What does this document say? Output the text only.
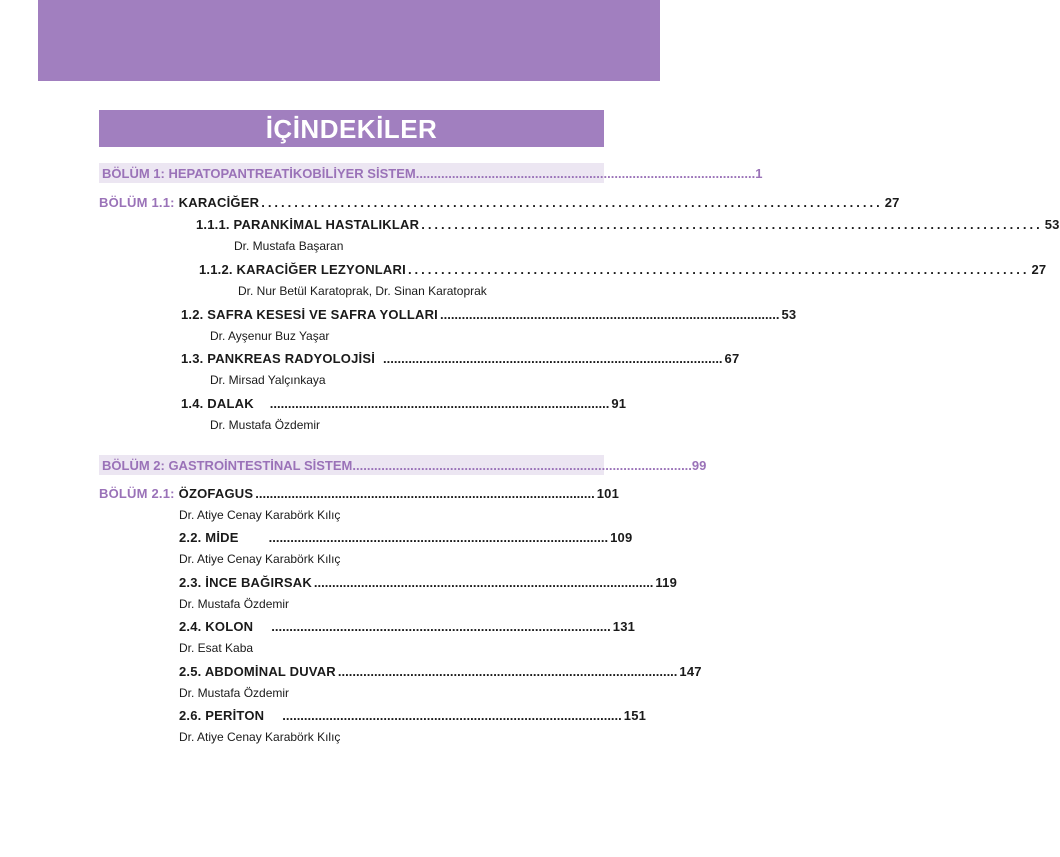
İÇİNDEKİLER
BÖLÜM 1: HEPATOPANTREATİKOBİLİYER SİSTEM .............................................................................................. 1
BÖLÜM 1.1: KARACİĞER .............................................................................................. 27
1.1.1. PARANKİMAL HASTALIKLAR .............................................................................................. 53
Dr. Mustafa Başaran
1.1.2. KARACİĞER LEZYONLARI .............................................................................................. 27
Dr. Nur Betül Karatoprak, Dr. Sinan Karatoprak
1.2. SAFRA KESESİ VE SAFRA YOLLARI .............................................................................................. 53
Dr. Ayşenur Buz Yaşar
1.3. PANKREAS RADYOLOJİSİ .............................................................................................. 67
Dr. Mirsad Yalçınkaya
1.4. DALAK .............................................................................................. 91
Dr. Mustafa Özdemir
BÖLÜM 2: GASTROİNTESTİNAL SİSTEM .............................................................................................. 99
BÖLÜM 2.1: ÖZOFAGUS .............................................................................................. 101
Dr. Atiye Cenay Karabörk Kılıç
2.2. MİDE .............................................................................................. 109
Dr. Atiye Cenay Karabörk Kılıç
2.3. İNCE BAĞIRSAK .............................................................................................. 119
Dr. Mustafa Özdemir
2.4. KOLON .............................................................................................. 131
Dr. Esat Kaba
2.5. ABDOMİNAL DUVAR .............................................................................................. 147
Dr. Mustafa Özdemir
2.6. PERİTON .............................................................................................. 151
Dr. Atiye Cenay Karabörk Kılıç
